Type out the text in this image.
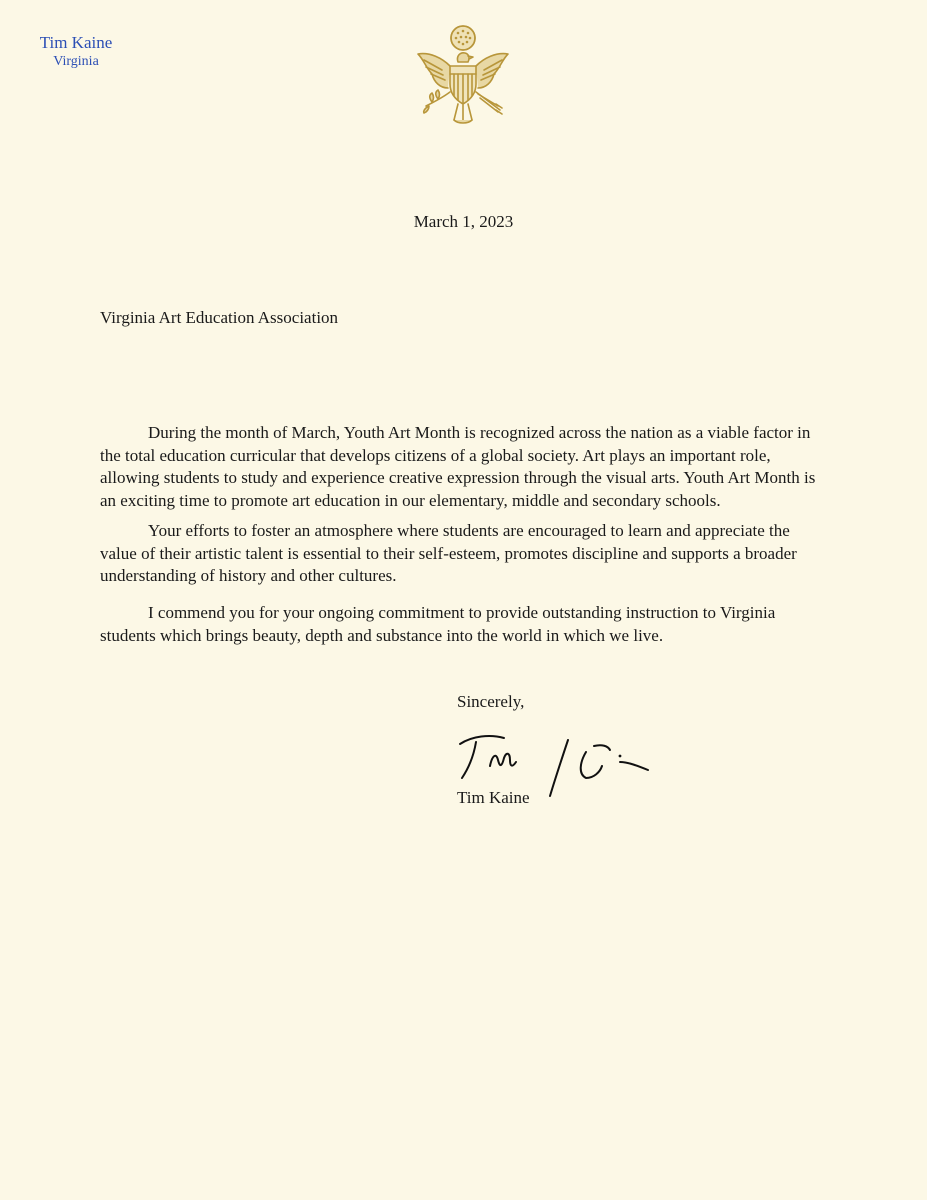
Tim Kaine
Virginia
March 1, 2023
Virginia Art Education Association

During the month of March, Youth Art Month is recognized across the nation as a viable factor in
the total education curricular that develops citizens of a global society. Art plays an important role,
allowing students to study and experience creative expression through the visual arts. Youth Art Month is
an exciting time to promote art education in our elementary, middle and secondary schools.

Your efforts to foster an atmosphere where students are encouraged to learn and appreciate the
value of their artistic talent is essential to their self-esteem, promotes discipline and supports a broader
understanding of history and other cultures.

I commend you for your ongoing commitment to provide outstanding instruction to Virginia
students which brings beauty, depth and substance into the world in which we live.

Sincerely,
Tim Kaine
